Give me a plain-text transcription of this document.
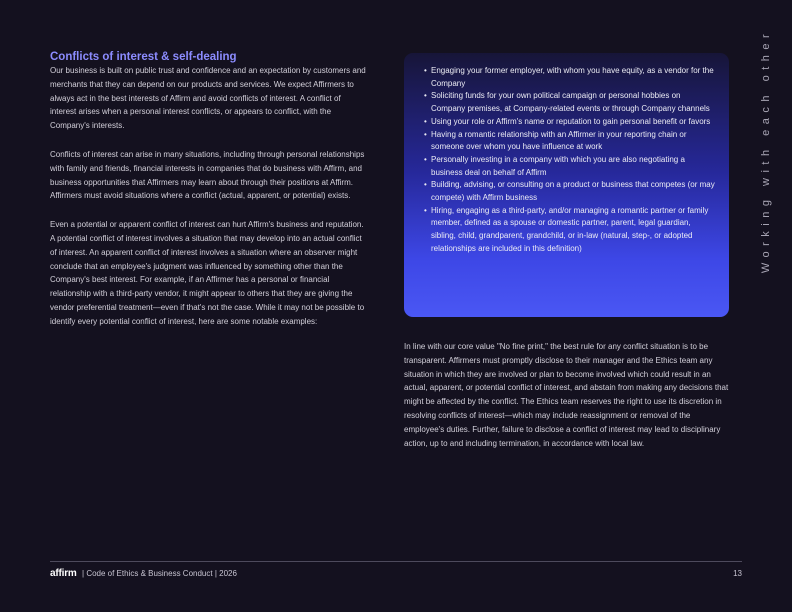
Working with each other
Conflicts of interest & self-dealing

Our business is built on public trust and confidence and an expectation by customers and merchants that they can depend on our products and services. We expect Affirmers to always act in the best interests of Affirm and avoid conflicts of interest. A conflict of interest arises when a personal interest conflicts, or appears to conflict, with the Company's interests.

Conflicts of interest can arise in many situations, including through personal relationships with family and friends, financial interests in companies that do business with Affirm, and business opportunities that Affirmers may learn about through their positions at Affirm. Affirmers must avoid situations where a conflict (actual, apparent, or potential) exists.

Even a potential or apparent conflict of interest can hurt Affirm's business and reputation. A potential conflict of interest involves a situation that may develop into an actual conflict of interest. An apparent conflict of interest involves a situation where an observer might conclude that an employee's judgment was influenced by something other than the Company's best interest. For example, if an Affirmer has a personal or financial relationship with a third-party vendor, it might appear to others that they are giving the vendor preferential treatment—even if that's not the case. While it may not be possible to identify every potential conflict of interest, here are some notable examples:

• Engaging your former employer, with whom you have equity, as a vendor for the Company
• Soliciting funds for your own political campaign or personal hobbies on Company premises, at Company-related events or through Company channels
• Using your role or Affirm's name or reputation to gain personal benefit or favors
• Having a romantic relationship with an Affirmer in your reporting chain or someone over whom you have influence at work
• Personally investing in a company with which you are also negotiating a business deal on behalf of Affirm
• Building, advising, or consulting on a product or business that competes (or may compete) with Affirm business
• Hiring, engaging as a third-party, and/or managing a romantic partner or family member, defined as a spouse or domestic partner, parent, legal guardian, sibling, child, grandparent, grandchild, or in-law (natural, step-, or adopted relationships are included in this definition)

In line with our core value "No fine print," the best rule for any conflict situation is to be transparent. Affirmers must promptly disclose to their manager and the Ethics team any situation in which they are involved or plan to become involved which could result in an actual, apparent, or potential conflict of interest, and abstain from making any decisions that might be affected by the conflict. The Ethics team reserves the right to use its discretion in resolving conflicts of interest—which may include reassignment or removal of the employee's duties. Further, failure to disclose a conflict of interest may lead to disciplinary action, up to and including termination, in accordance with local law.

affirm | Code of Ethics & Business Conduct | 2026	13
